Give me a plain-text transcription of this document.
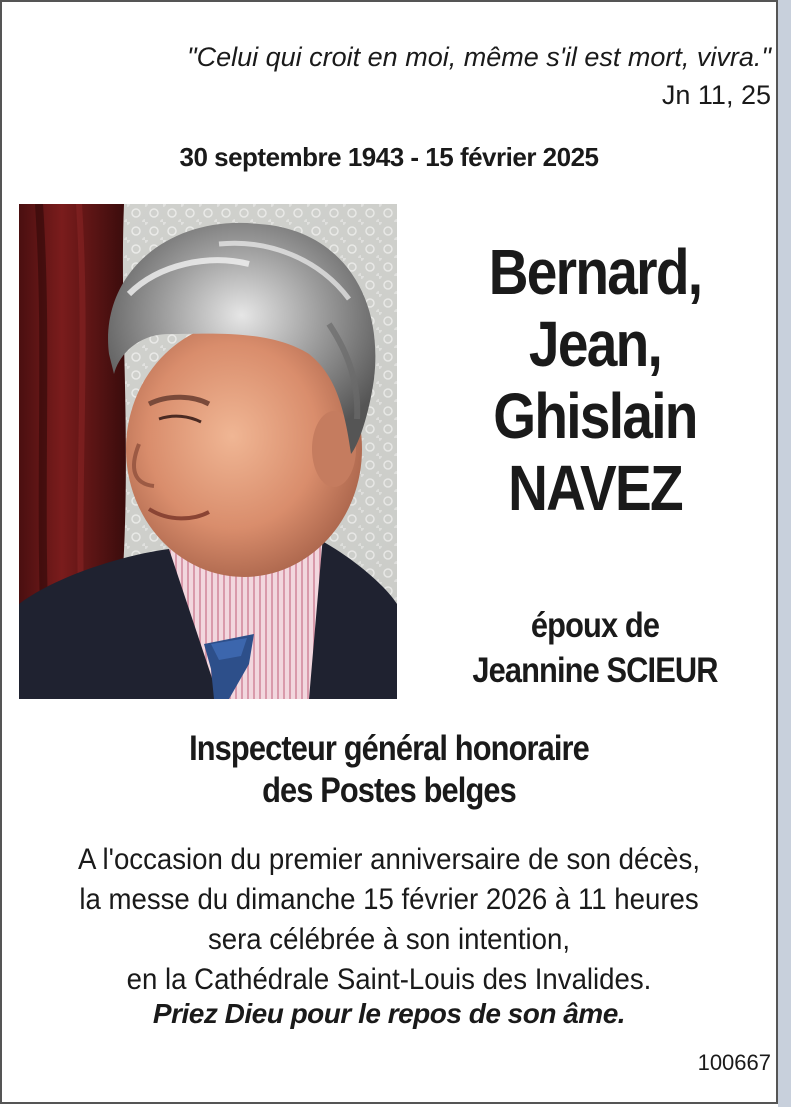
"Celui qui croit en moi, même s'il est mort, vivra."
Jn 11, 25
30 septembre 1943 - 15 février 2025
Bernard,
Jean,
Ghislain
NAVEZ
époux de
Jeannine SCIEUR
Inspecteur général honoraire
des Postes belges
A l'occasion du premier anniversaire de son décès,
la messe du dimanche 15 février 2026 à 11 heures
sera célébrée à son intention,
en la Cathédrale Saint-Louis des Invalides.
Priez Dieu pour le repos de son âme.
100667
